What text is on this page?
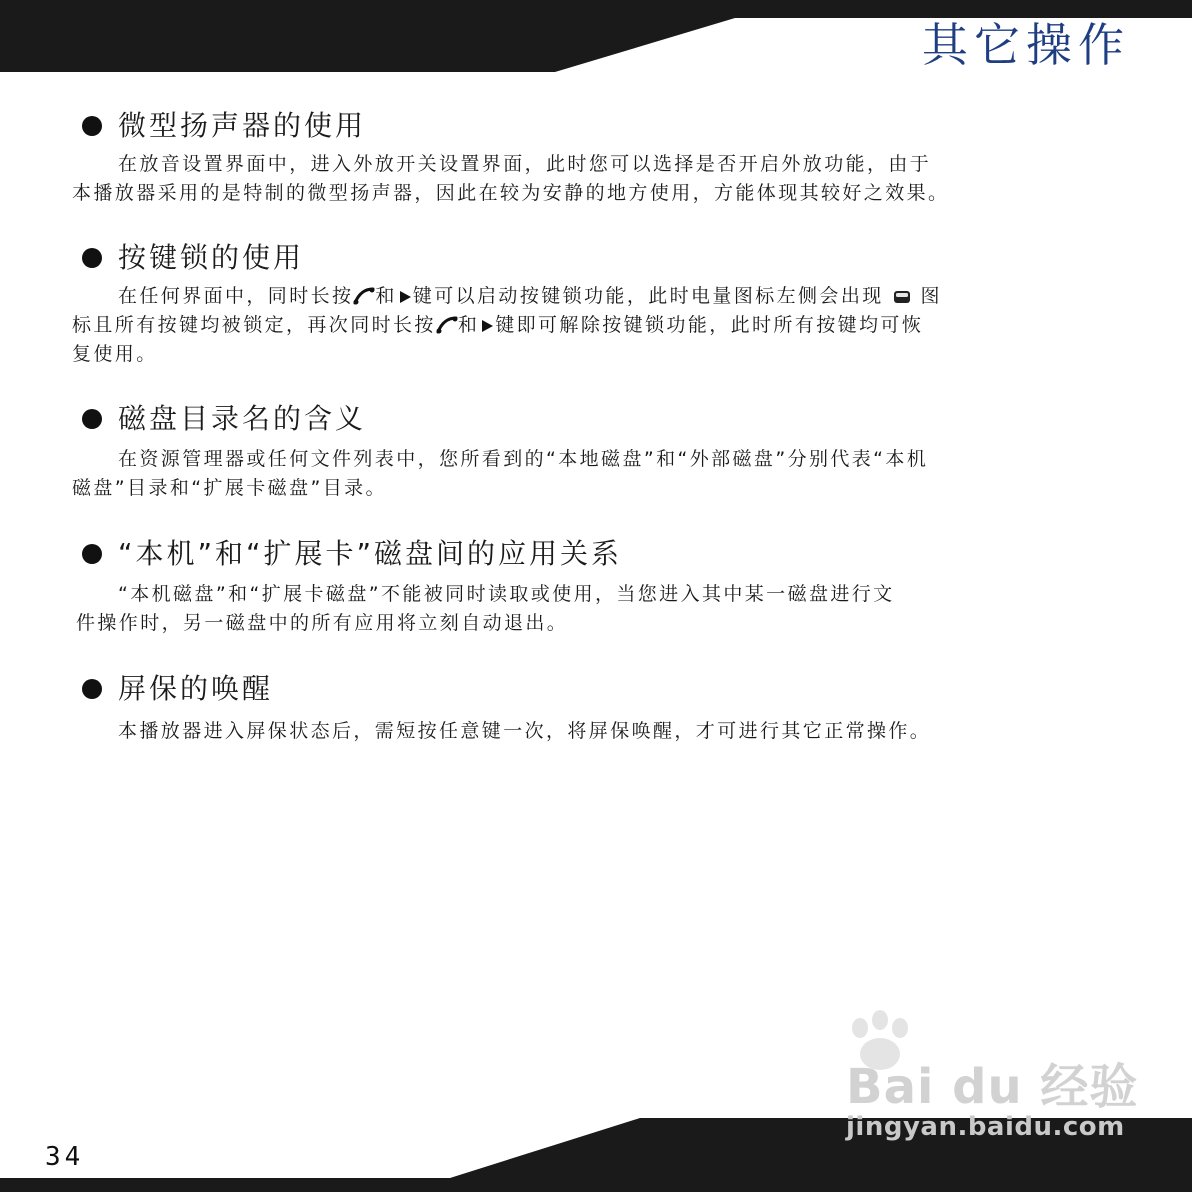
其它操作
微型扬声器的使用
在放音设置界面中，进入外放开关设置界面，此时您可以选择是否开启外放功能，由于
本播放器采用的是特制的微型扬声器，因此在较为安静的地方使用，方能体现其较好之效果。
按键锁的使用
在任何界面中，同时长按 和 键可以启动按键锁功能，此时电量图标左侧会出现 图
标且所有按键均被锁定，再次同时长按 和 键即可解除按键锁功能，此时所有按键均可恢
复使用。
磁盘目录名的含义
在资源管理器或任何文件列表中，您所看到的“本地磁盘”和“外部磁盘”分别代表“本机
磁盘”目录和“扩展卡磁盘”目录。
“本机”和“扩展卡”磁盘间的应用关系
“本机磁盘”和“扩展卡磁盘”不能被同时读取或使用，当您进入其中某一磁盘进行文
件操作时，另一磁盘中的所有应用将立刻自动退出。
屏保的唤醒
本播放器进入屏保状态后，需短按任意键一次，将屏保唤醒，才可进行其它正常操作。
Bai du 经验
jingyan.baidu.com
34
